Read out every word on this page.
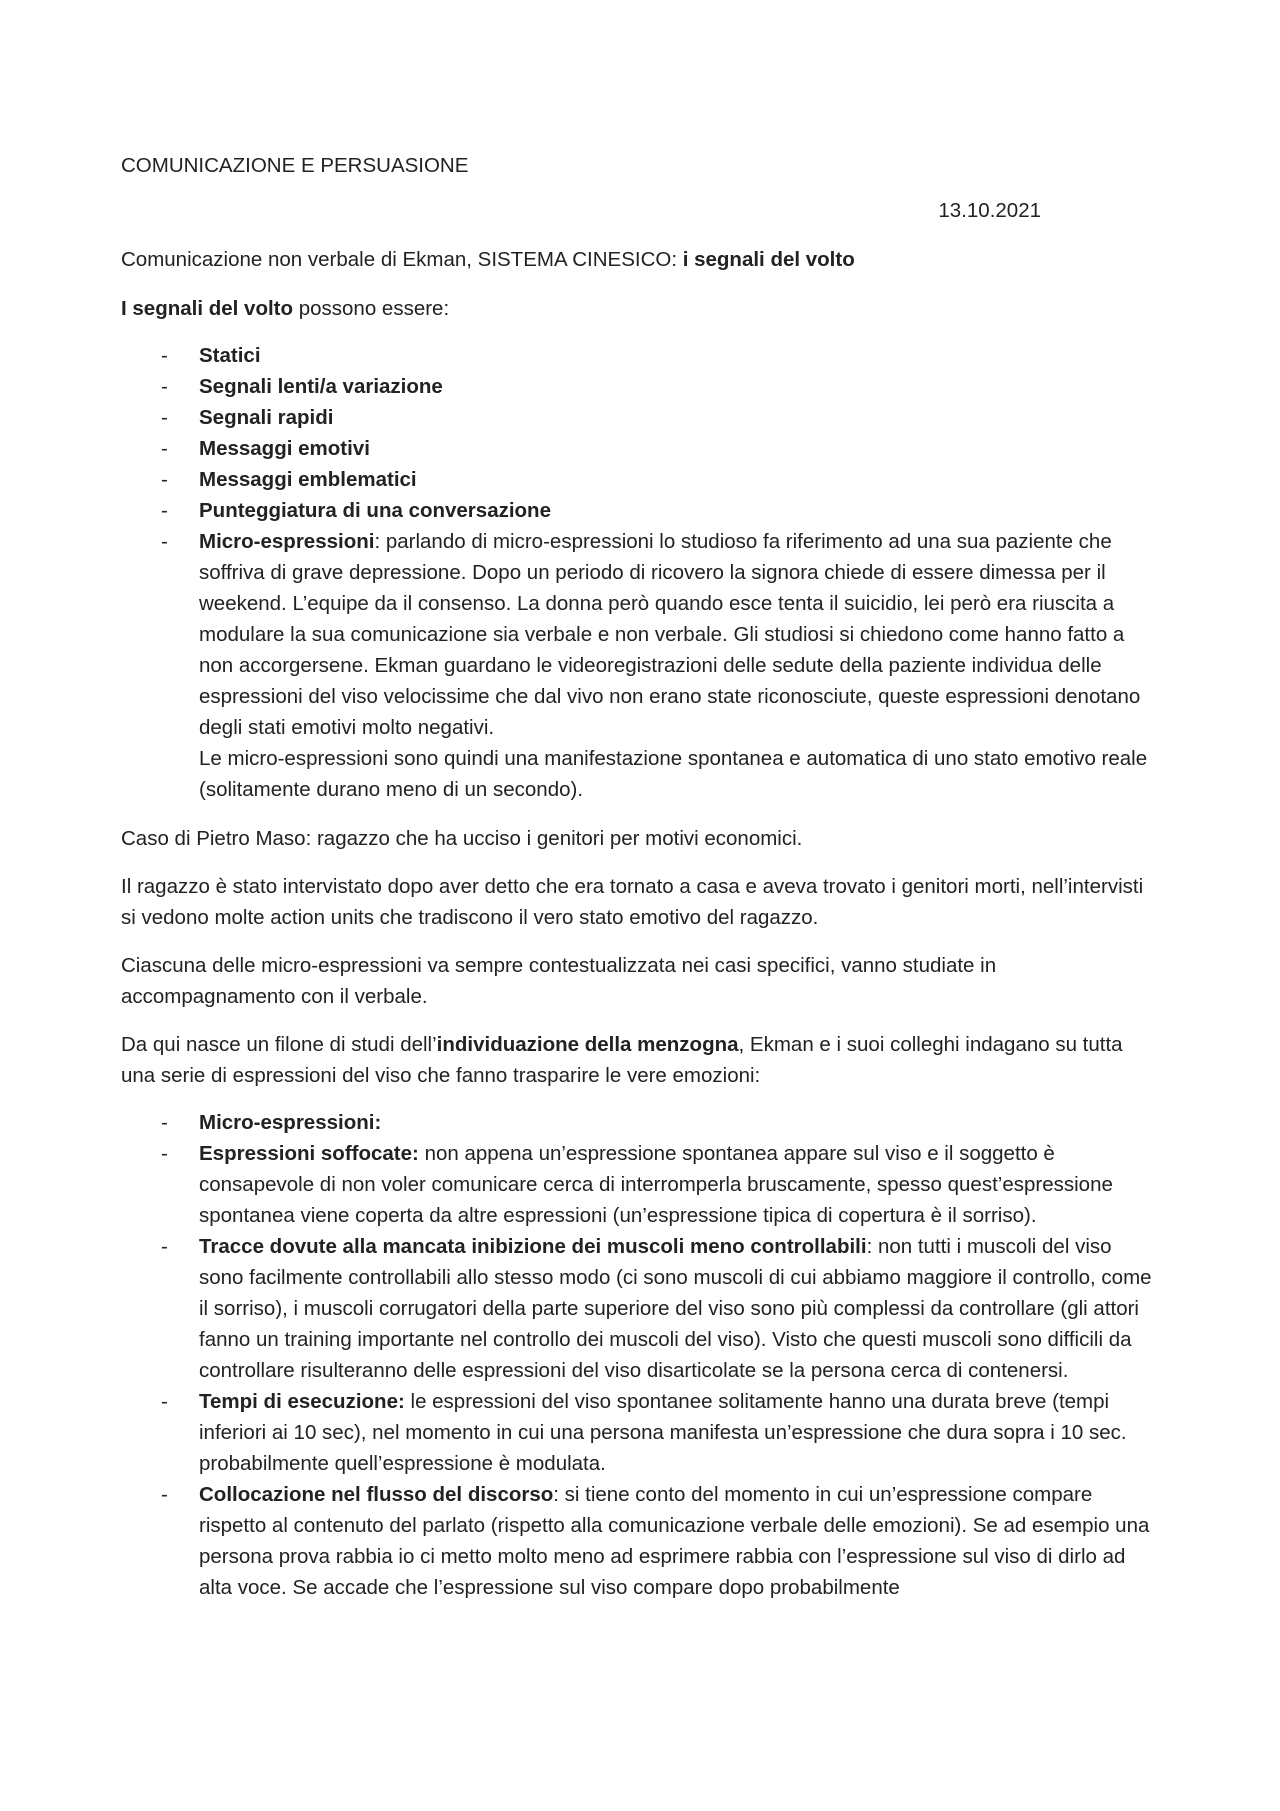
COMUNICAZIONE E PERSUASIONE

13.10.2021

Comunicazione non verbale di Ekman, SISTEMA CINESICO: i segnali del volto

I segnali del volto possono essere:

- Statici
- Segnali lenti/a variazione
- Segnali rapidi
- Messaggi emotivi
- Messaggi emblematici
- Punteggiatura di una conversazione
- Micro-espressioni: parlando di micro-espressioni lo studioso fa riferimento ad una sua paziente che soffriva di grave depressione. Dopo un periodo di ricovero la signora chiede di essere dimessa per il weekend. L’equipe da il consenso. La donna però quando esce tenta il suicidio, lei però era riuscita a modulare la sua comunicazione sia verbale e non verbale. Gli studiosi si chiedono come hanno fatto a non accorgersene. Ekman guardano le videoregistrazioni delle sedute della paziente individua delle espressioni del viso velocissime che dal vivo non erano state riconosciute, queste espressioni denotano degli stati emotivi molto negativi.
Le micro-espressioni sono quindi una manifestazione spontanea e automatica di uno stato emotivo reale (solitamente durano meno di un secondo).

Caso di Pietro Maso: ragazzo che ha ucciso i genitori per motivi economici.

Il ragazzo è stato intervistato dopo aver detto che era tornato a casa e aveva trovato i genitori morti, nell’intervisti si vedono molte action units che tradiscono il vero stato emotivo del ragazzo.

Ciascuna delle micro-espressioni va sempre contestualizzata nei casi specifici, vanno studiate in accompagnamento con il verbale.

Da qui nasce un filone di studi dell’individuazione della menzogna, Ekman e i suoi colleghi indagano su tutta una serie di espressioni del viso che fanno trasparire le vere emozioni:

- Micro-espressioni:
- Espressioni soffocate: non appena un’espressione spontanea appare sul viso e il soggetto è consapevole di non voler comunicare cerca di interromperla bruscamente, spesso quest’espressione spontanea viene coperta da altre espressioni (un’espressione tipica di copertura è il sorriso).
- Tracce dovute alla mancata inibizione dei muscoli meno controllabili: non tutti i muscoli del viso sono facilmente controllabili allo stesso modo (ci sono muscoli di cui abbiamo maggiore il controllo, come il sorriso), i muscoli corrugatori della parte superiore del viso sono più complessi da controllare (gli attori fanno un training importante nel controllo dei muscoli del viso). Visto che questi muscoli sono difficili da controllare risulteranno delle espressioni del viso disarticolate se la persona cerca di contenersi.
- Tempi di esecuzione: le espressioni del viso spontanee solitamente hanno una durata breve (tempi inferiori ai 10 sec), nel momento in cui una persona manifesta un’espressione che dura sopra i 10 sec. probabilmente quell’espressione è modulata.
- Collocazione nel flusso del discorso: si tiene conto del momento in cui un’espressione compare rispetto al contenuto del parlato (rispetto alla comunicazione verbale delle emozioni). Se ad esempio una persona prova rabbia io ci metto molto meno ad esprimere rabbia con l’espressione sul viso di dirlo ad alta voce. Se accade che l’espressione sul viso compare dopo probabilmente
